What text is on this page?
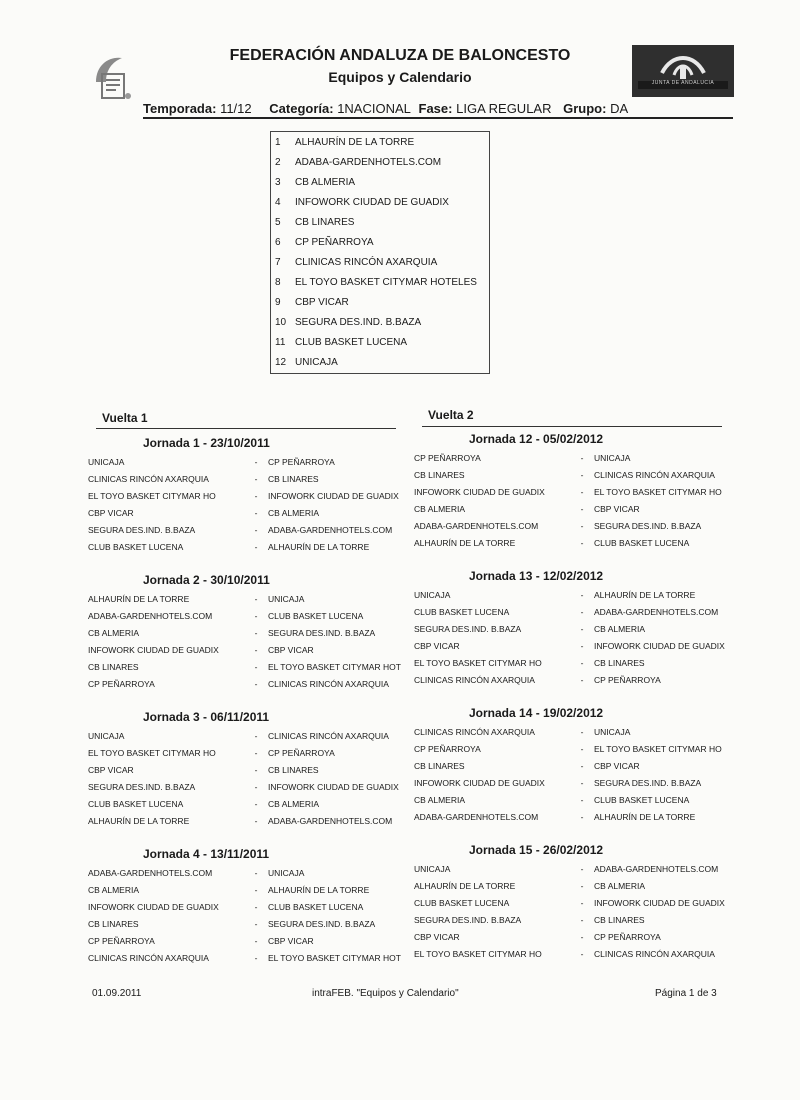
FEDERACIÓN ANDALUZA DE BALONCESTO
Equipos y Calendario	JUNTA DE ANDALUCIA
Temporada: 11/12 Categoría: 1NACIONAL Fase: LIGA REGULAR Grupo: DA
1 ALHAURÍN DE LA TORRE
2 ADABA-GARDENHOTELS.COM
3 CB ALMERIA
4 INFOWORK CIUDAD DE GUADIX
5 CB LINARES
6 CP PEÑARROYA
7 CLINICAS RINCÓN AXARQUIA
8 EL TOYO BASKET CITYMAR HOTELES
9 CBP VICAR
10 SEGURA DES.IND. B.BAZA
11 CLUB BASKET LUCENA
12 UNICAJA
Vuelta 1
Jornada 1 - 23/10/2011
UNICAJA	-	CP PEÑARROYA
CLINICAS RINCÓN AXARQUIA	-	CB LINARES
EL TOYO BASKET CITYMAR HO	-	INFOWORK CIUDAD DE GUADIX
CBP VICAR	-	CB ALMERIA
SEGURA DES.IND. B.BAZA	-	ADABA-GARDENHOTELS.COM
CLUB BASKET LUCENA	-	ALHAURÍN DE LA TORRE
Jornada 2 - 30/10/2011
ALHAURÍN DE LA TORRE	-	UNICAJA
ADABA-GARDENHOTELS.COM	-	CLUB BASKET LUCENA
CB ALMERIA	-	SEGURA DES.IND. B.BAZA
INFOWORK CIUDAD DE GUADIX	-	CBP VICAR
CB LINARES	-	EL TOYO BASKET CITYMAR HOT
CP PEÑARROYA	-	CLINICAS RINCÓN AXARQUIA
Jornada 3 - 06/11/2011
UNICAJA	-	CLINICAS RINCÓN AXARQUIA
EL TOYO BASKET CITYMAR HO	-	CP PEÑARROYA
CBP VICAR	-	CB LINARES
SEGURA DES.IND. B.BAZA	-	INFOWORK CIUDAD DE GUADIX
CLUB BASKET LUCENA	-	CB ALMERIA
ALHAURÍN DE LA TORRE	-	ADABA-GARDENHOTELS.COM
Jornada 4 - 13/11/2011
ADABA-GARDENHOTELS.COM	-	UNICAJA
CB ALMERIA	-	ALHAURÍN DE LA TORRE
INFOWORK CIUDAD DE GUADIX	-	CLUB BASKET LUCENA
CB LINARES	-	SEGURA DES.IND. B.BAZA
CP PEÑARROYA	-	CBP VICAR
CLINICAS RINCÓN AXARQUIA	-	EL TOYO BASKET CITYMAR HOT
Vuelta 2
Jornada 12 - 05/02/2012
CP PEÑARROYA	-	UNICAJA
CB LINARES	-	CLINICAS RINCÓN AXARQUIA
INFOWORK CIUDAD DE GUADIX	-	EL TOYO BASKET CITYMAR HO
CB ALMERIA	-	CBP VICAR
ADABA-GARDENHOTELS.COM	-	SEGURA DES.IND. B.BAZA
ALHAURÍN DE LA TORRE	-	CLUB BASKET LUCENA
Jornada 13 - 12/02/2012
UNICAJA	-	ALHAURÍN DE LA TORRE
CLUB BASKET LUCENA	-	ADABA-GARDENHOTELS.COM
SEGURA DES.IND. B.BAZA	-	CB ALMERIA
CBP VICAR	-	INFOWORK CIUDAD DE GUADIX
EL TOYO BASKET CITYMAR HO	-	CB LINARES
CLINICAS RINCÓN AXARQUIA	-	CP PEÑARROYA
Jornada 14 - 19/02/2012
CLINICAS RINCÓN AXARQUIA	-	UNICAJA
CP PEÑARROYA	-	EL TOYO BASKET CITYMAR HO
CB LINARES	-	CBP VICAR
INFOWORK CIUDAD DE GUADIX	-	SEGURA DES.IND. B.BAZA
CB ALMERIA	-	CLUB BASKET LUCENA
ADABA-GARDENHOTELS.COM	-	ALHAURÍN DE LA TORRE
Jornada 15 - 26/02/2012
UNICAJA	-	ADABA-GARDENHOTELS.COM
ALHAURÍN DE LA TORRE	-	CB ALMERIA
CLUB BASKET LUCENA	-	INFOWORK CIUDAD DE GUADIX
SEGURA DES.IND. B.BAZA	-	CB LINARES
CBP VICAR	-	CP PEÑARROYA
EL TOYO BASKET CITYMAR HO	-	CLINICAS RINCÓN AXARQUIA
01.09.2011	intraFEB. "Equipos y Calendario"	Página 1 de 3
